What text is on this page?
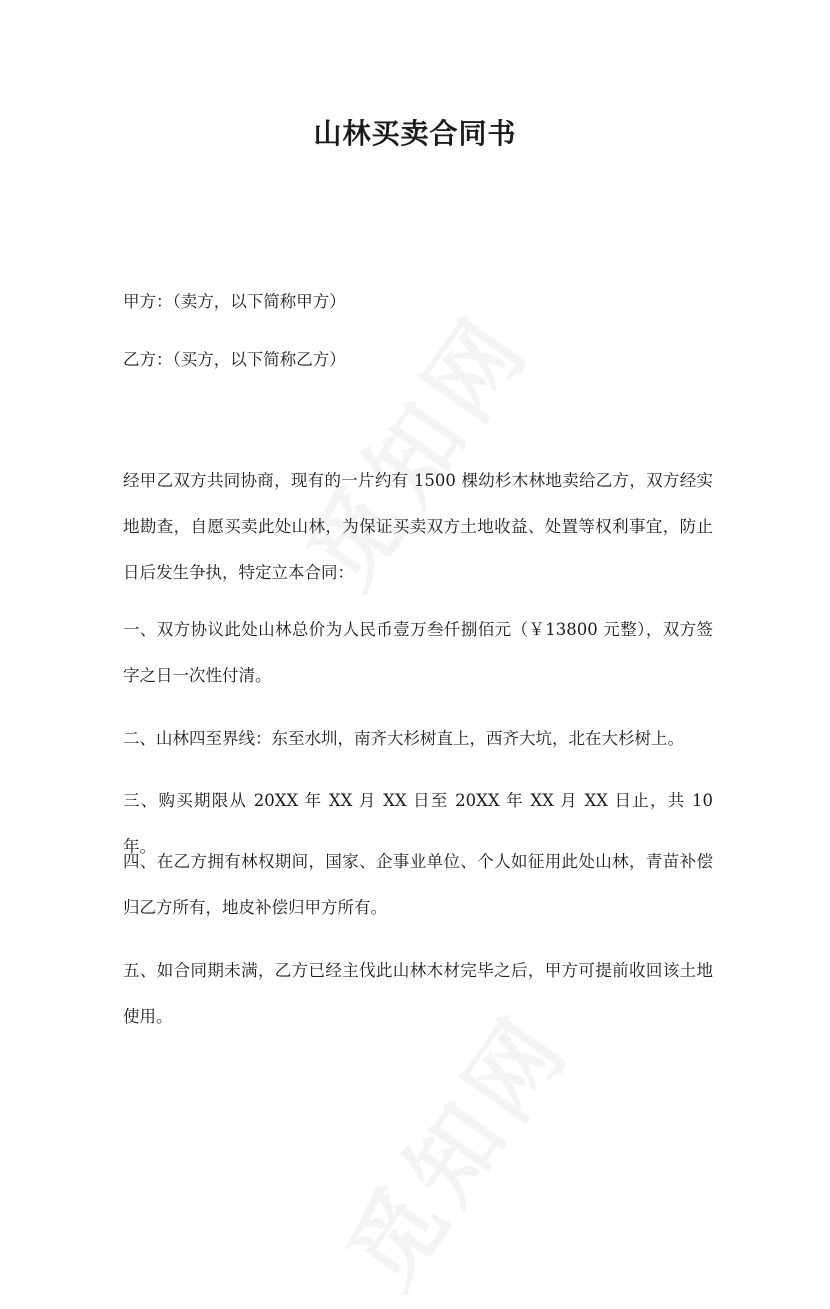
山林买卖合同书

甲方：（卖方，以下简称甲方）

乙方：（买方，以下简称乙方）

经甲乙双方共同协商，现有的一片约有 1500 棵幼杉木林地卖给乙方，双方经实地勘查，自愿买卖此处山林，为保证买卖双方土地收益、处置等权利事宜，防止日后发生争执，特定立本合同：

一、双方协议此处山林总价为人民币壹万叁仟捌佰元（￥13800 元整），双方签字之日一次性付清。

二、山林四至界线：东至水圳，南齐大杉树直上，西齐大坑，北在大杉树上。

三、购买期限从 20XX 年 XX 月 XX 日至 20XX 年 XX 月 XX 日止，共 10 年。

四、在乙方拥有林权期间，国家、企事业单位、个人如征用此处山林，青苗补偿归乙方所有，地皮补偿归甲方所有。

五、如合同期未满，乙方已经主伐此山林木材完毕之后，甲方可提前收回该土地使用。
